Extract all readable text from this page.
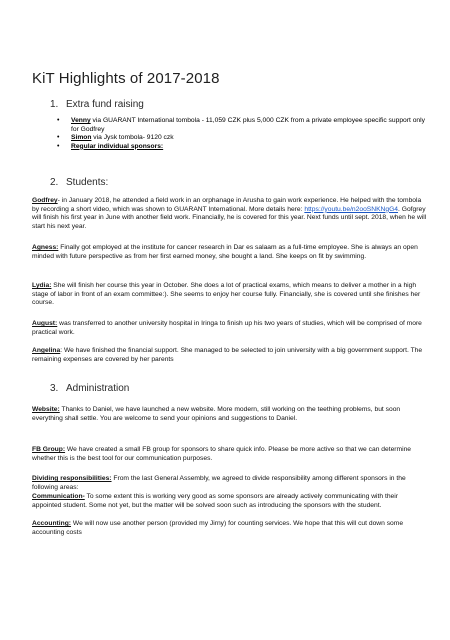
KiT Highlights of 2017-2018
1. Extra fund raising
• Venny via GUARANT International tombola - 11,059 CZK plus 5,000 CZK from a private employee specific support only for Godfrey
• Simon via Jysk tombola- 9120 czk
• Regular individual sponsors:
2. Students:
Godfrey- in January 2018, he attended a field work in an orphanage in Arusha to gain work experience. He helped with the tombola by recording a short video, which was shown to GUARANT International. More details here: https://youtu.be/n2ooSNKNgG4. Gofgrey will finish his first year in June with another field work. Financially, he is covered for this year. Next funds until sept. 2018, when he will start his next year.
Agness: Finally got employed at the institute for cancer research in Dar es salaam as a full-time employee. She is always an open minded with future perspective as from her first earned money, she bought a land. She keeps on fit by swimming.
Lydia: She will finish her course this year in October. She does a lot of practical exams, which means to deliver a mother in a high stage of labor in front of an exam committee:). She seems to enjoy her course fully. Financially, she is covered until she finishes her course.
August: was transferred to another university hospital in Iringa to finish up his two years of studies, which will be comprised of more practical work.
Angelina: We have finished the financial support. She managed to be selected to join university with a big government support. The remaining expenses are covered by her parents
3. Administration
Website: Thanks to Daniel, we have launched a new website. More modern, still working on the teething problems, but soon everything shall settle. You are welcome to send your opinions and suggestions to Daniel.
FB Group: We have created a small FB group for sponsors to share quick info. Please be more active so that we can determine whether this is the best tool for our communication purposes.
Dividing responsibilities: From the last General Assembly, we agreed to divide responsibility among different sponsors in the following areas:
Communication- To some extent this is working very good as some sponsors are already actively communicating with their appointed student. Some not yet, but the matter will be solved soon such as introducing the sponsors with the student.
Accounting: We will now use another person (provided my Jirny) for counting services. We hope that this will cut down some accounting costs
